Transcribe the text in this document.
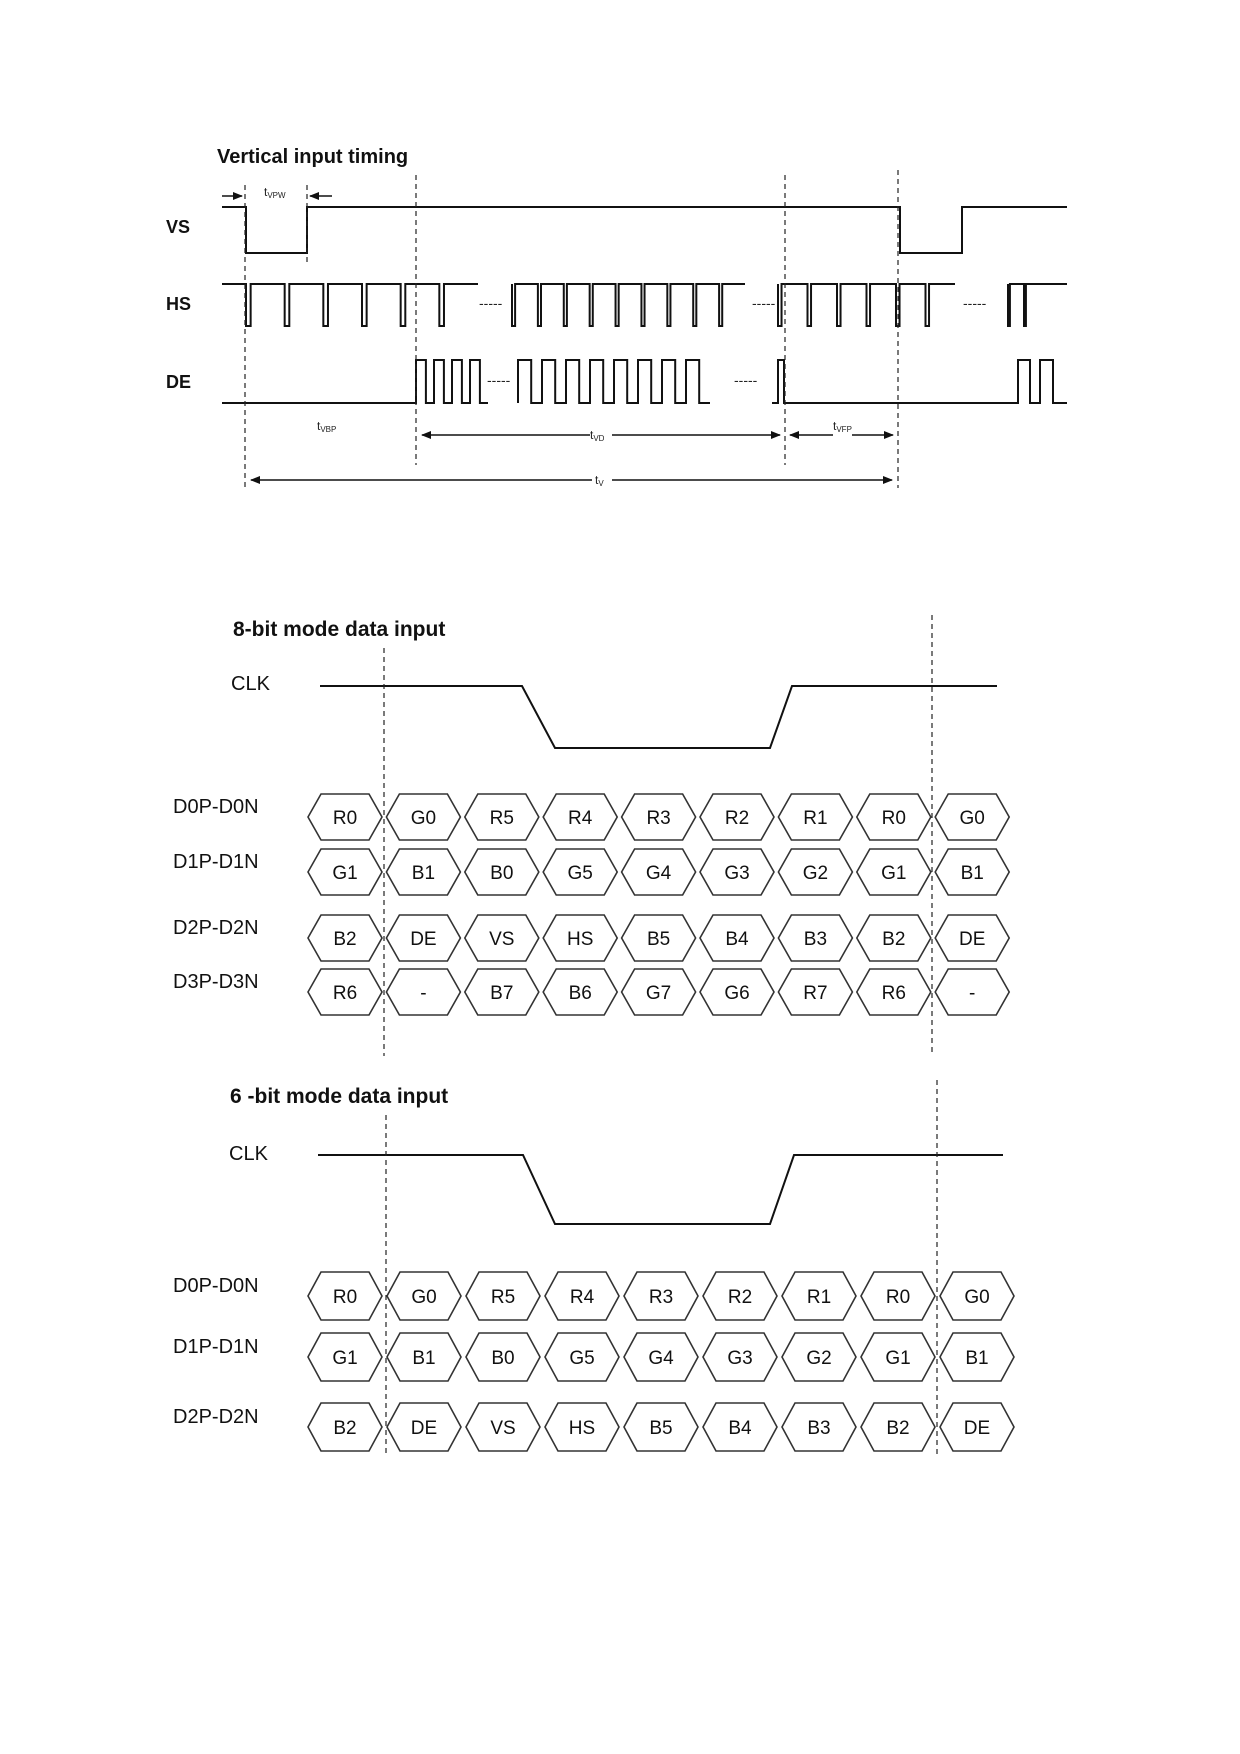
Vertical input timing
VS
HS
DE
-----	-----	-----
-----	-----
tVPW
tVBP	tVD
tVFP
tV
8-bit mode data input
CLK
D0P-D0N
R0	G0	R5	R4	R3	R2	R1	R0	G0
D1P-D1N
G1	B1	B0	G5	G4	G3	G2	G1	B1
D2P-D2N
B2	DE	VS	HS	B5	B4	B3	B2	DE
D3P-D3N
R6	-	B7	B6	G7	G6	R7	R6	-
6 -bit mode data input
CLK
D0P-D0N
R0	G0	R5	R4	R3	R2	R1	R0	G0
D1P-D1N
G1	B1	B0	G5	G4	G3	G2	G1	B1
D2P-D2N
B2	DE	VS	HS	B5	B4	B3	B2	DE
